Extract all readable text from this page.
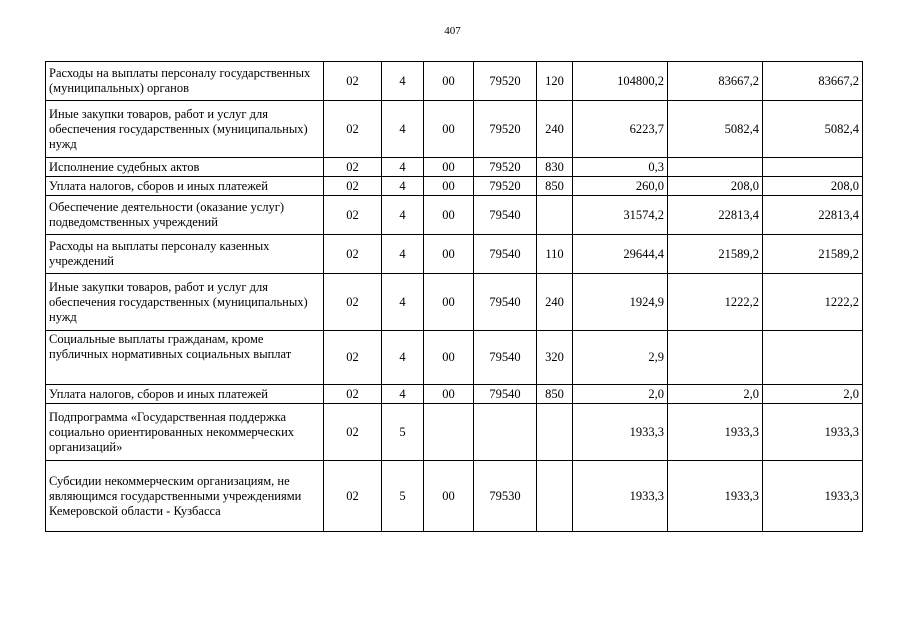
407
Расходы на выплаты персоналу государственных (муниципальных) органов	02	4	00	79520	120	104800,2	83667,2	83667,2
Иные закупки товаров, работ и услуг для обеспечения государственных (муниципальных) нужд	02	4	00	79520	240	6223,7	5082,4	5082,4
Исполнение судебных актов	02	4	00	79520	830	0,3		
Уплата налогов, сборов и иных платежей	02	4	00	79520	850	260,0	208,0	208,0
Обеспечение деятельности (оказание услуг) подведомственных учреждений	02	4	00	79540		31574,2	22813,4	22813,4
Расходы на выплаты персоналу казенных учреждений	02	4	00	79540	110	29644,4	21589,2	21589,2
Иные закупки товаров, работ и услуг для обеспечения государственных (муниципальных) нужд	02	4	00	79540	240	1924,9	1222,2	1222,2
Социальные выплаты гражданам, кроме публичных нормативных социальных выплат	02	4	00	79540	320	2,9		
Уплата налогов, сборов и иных платежей	02	4	00	79540	850	2,0	2,0	2,0
Подпрограмма «Государственная поддержка социально ориентированных некоммерческих организаций»	02	5				1933,3	1933,3	1933,3
Субсидии некоммерческим организациям, не являющимся государственными учреждениями Кемеровской области - Кузбасса	02	5	00	79530		1933,3	1933,3	1933,3
